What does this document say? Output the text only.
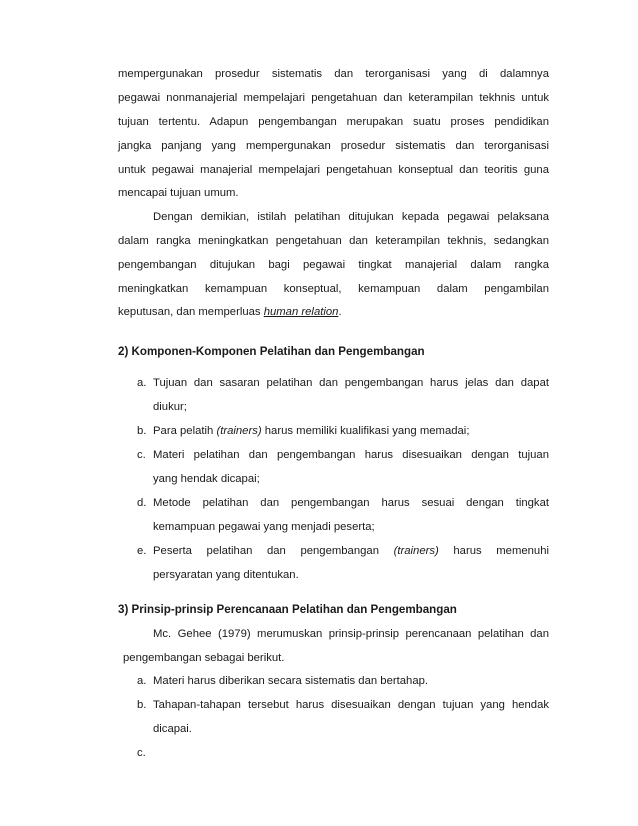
mempergunakan prosedur sistematis dan terorganisasi yang di dalamnya
pegawai nonmanajerial mempelajari pengetahuan dan keterampilan tekhnis untuk
tujuan tertentu. Adapun pengembangan merupakan suatu proses pendidikan
jangka panjang yang mempergunakan prosedur sistematis dan terorganisasi
untuk pegawai manajerial mempelajari pengetahuan konseptual dan teoritis guna
mencapai tujuan umum.
Dengan demikian, istilah pelatihan ditujukan kepada pegawai pelaksana
dalam rangka meningkatkan pengetahuan dan keterampilan tekhnis, sedangkan
pengembangan ditujukan bagi pegawai tingkat manajerial dalam rangka
meningkatkan kemampuan konseptual, kemampuan dalam pengambilan
keputusan, dan memperluas human relation.
2) Komponen-Komponen Pelatihan dan Pengembangan
a. Tujuan dan sasaran pelatihan dan pengembangan harus jelas dan dapat
diukur;
b. Para pelatih (trainers) harus memiliki kualifikasi yang memadai;
c. Materi pelatihan dan pengembangan harus disesuaikan dengan tujuan
yang hendak dicapai;
d. Metode pelatihan dan pengembangan harus sesuai dengan tingkat
kemampuan pegawai yang menjadi peserta;
e. Peserta pelatihan dan pengembangan (trainers) harus memenuhi
persyaratan yang ditentukan.
3) Prinsip-prinsip Perencanaan Pelatihan dan Pengembangan
Mc. Gehee (1979) merumuskan prinsip-prinsip perencanaan pelatihan dan
pengembangan sebagai berikut.
a. Materi harus diberikan secara sistematis dan bertahap.
b. Tahapan-tahapan tersebut harus disesuaikan dengan tujuan yang hendak
dicapai.
c.
